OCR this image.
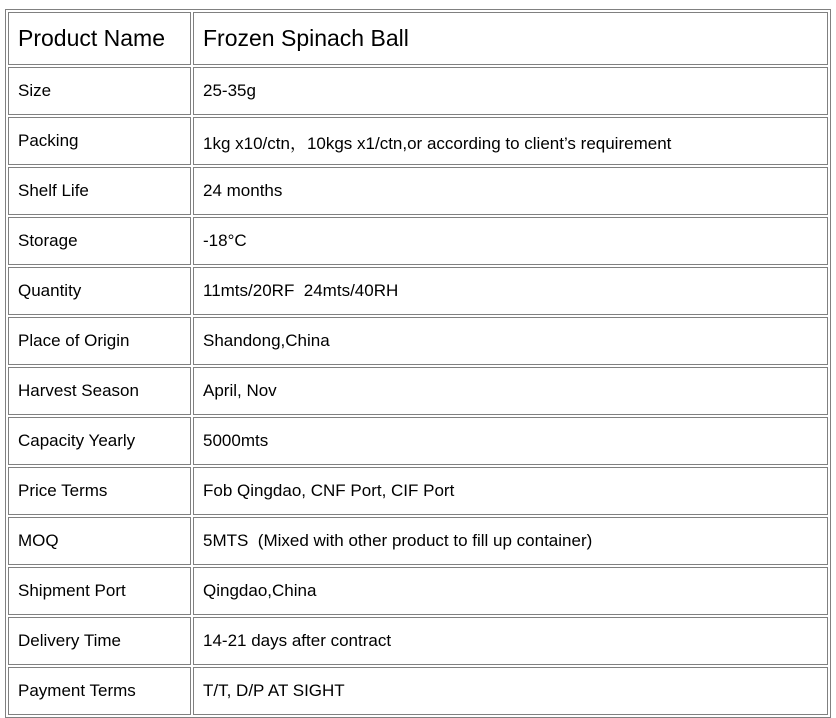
Product Name	Frozen Spinach Ball
Size	25-35g
Packing	1kg x10/ctn，10kgs x1/ctn,or according to client’s requirement
Shelf Life	24 months
Storage	-18°C
Quantity	11mts/20RF  24mts/40RH
Place of Origin	Shandong,China
Harvest Season	April, Nov
Capacity Yearly	5000mts
Price Terms	Fob Qingdao, CNF Port, CIF Port
MOQ	5MTS  (Mixed with other product to fill up container)
Shipment Port	Qingdao,China
Delivery Time	14-21 days after contract
Payment Terms	T/T, D/P AT SIGHT
